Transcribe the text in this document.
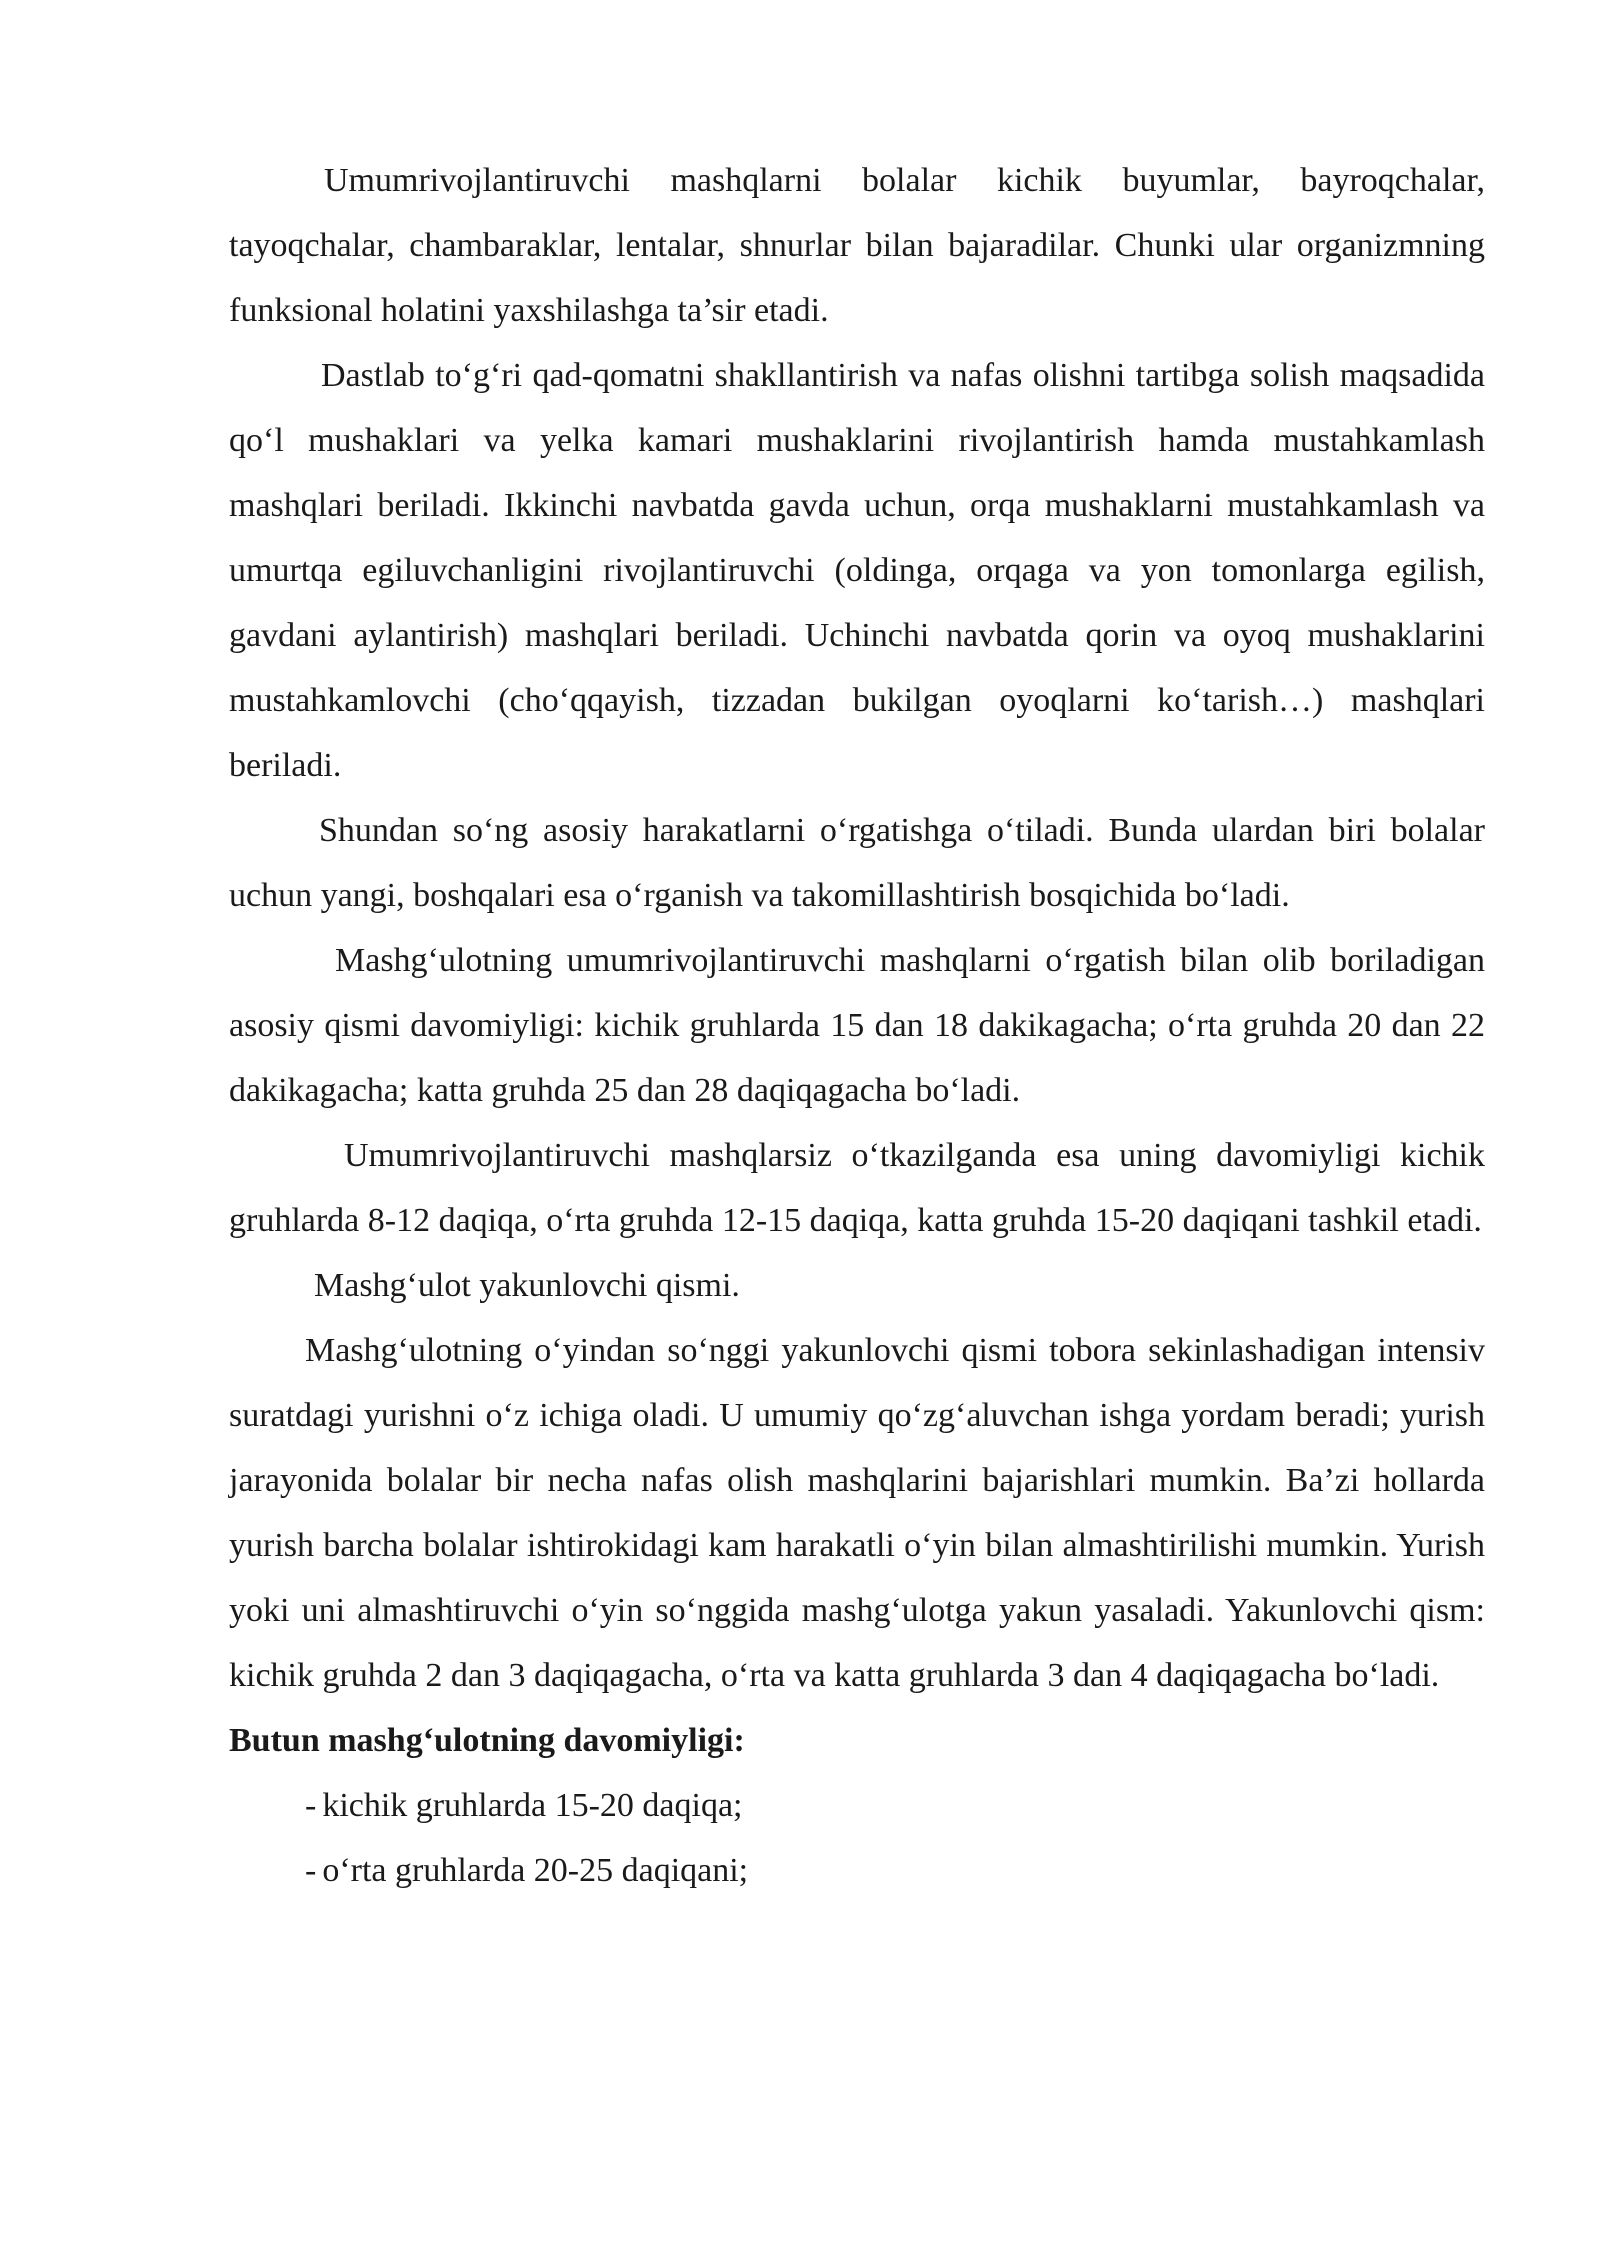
Umumrivojlantiruvchi mashqlarni bolalar kichik buyumlar, bayroqchalar, tayoqchalar, chambaraklar, lentalar, shnurlar bilan bajaradilar. Chunki ular organizmning funksional holatini yaxshilashga ta’sir etadi.

Dastlab to‘g‘ri qad-qomatni shakllantirish va nafas olishni tartibga solish maqsadida qo‘l mushaklari va yelka kamari mushaklarini rivojlantirish hamda mustahkamlash mashqlari beriladi. Ikkinchi navbatda gavda uchun, orqa mushaklarni mustahkamlash va umurtqa egiluvchanligini rivojlantiruvchi (oldinga, orqaga va yon tomonlarga egilish, gavdani aylantirish) mashqlari beriladi. Uchinchi navbatda qorin va oyoq mushaklarini mustahkamlovchi (cho‘qqayish, tizzadan bukilgan oyoqlarni ko‘tarish…) mashqlari beriladi.

Shundan so‘ng asosiy harakatlarni o‘rgatishga o‘tiladi. Bunda ulardan biri bolalar uchun yangi, boshqalari esa o‘rganish va takomillashtirish bosqichida bo‘ladi.

Mashg‘ulotning umumrivojlantiruvchi mashqlarni o‘rgatish bilan olib boriladigan asosiy qismi davomiyligi: kichik gruhlarda 15 dan 18 dakikagacha; o‘rta gruhda 20 dan 22 dakikagacha; katta gruhda 25 dan 28 daqiqagacha bo‘ladi.

Umumrivojlantiruvchi mashqlarsiz o‘tkazilganda esa uning davomiyligi kichik gruhlarda 8-12 daqiqa, o‘rta gruhda 12-15 daqiqa, katta gruhda 15-20 daqiqani tashkil etadi.

Mashg‘ulot yakunlovchi qismi.

Mashg‘ulotning o‘yindan so‘nggi yakunlovchi qismi tobora sekinlashadigan intensiv suratdagi yurishni o‘z ichiga oladi. U umumiy qo‘zg‘aluvchan ishga yordam beradi; yurish jarayonida bolalar bir necha nafas olish mashqlarini bajarishlari mumkin. Ba’zi hollarda yurish barcha bolalar ishtirokidagi kam harakatli o‘yin bilan almashtirilishi mumkin. Yurish yoki uni almashtiruvchi o‘yin so‘nggida mashg‘ulotga yakun yasaladi. Yakunlovchi qism: kichik gruhda 2 dan 3 daqiqagacha, o‘rta va katta gruhlarda 3 dan 4 daqiqagacha bo‘ladi.

Butun mashg‘ulotning davomiyligi:

- kichik gruhlarda 15-20 daqiqa;
- o‘rta gruhlarda 20-25 daqiqani;
